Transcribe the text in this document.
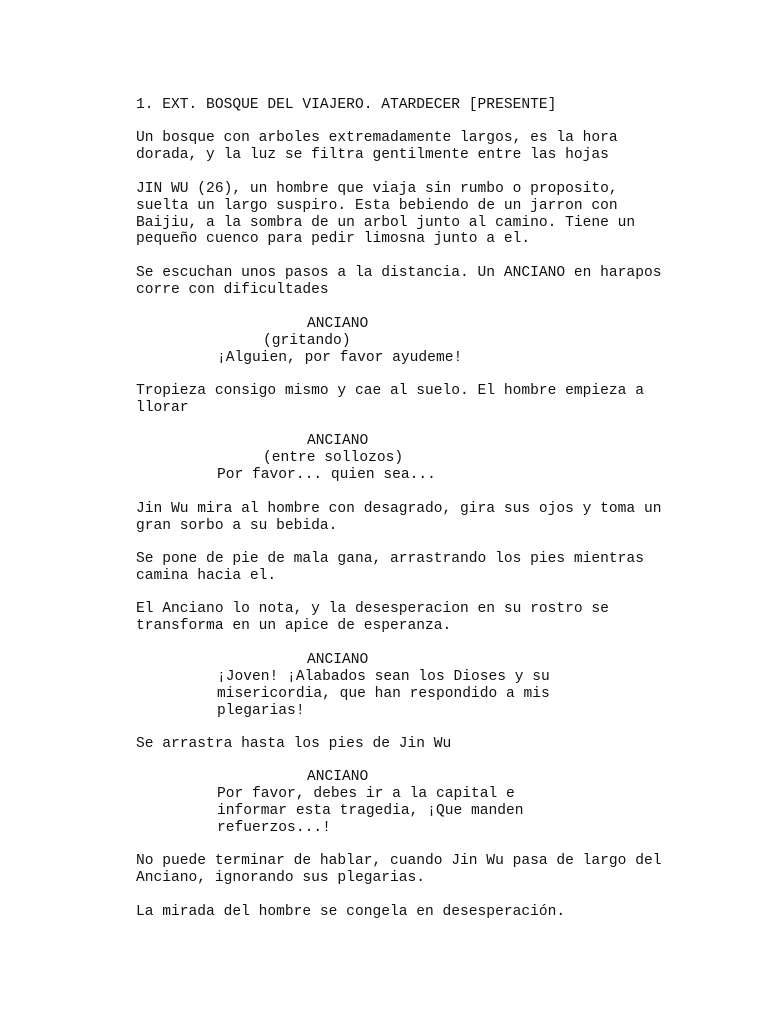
1. EXT. BOSQUE DEL VIAJERO. ATARDECER [PRESENTE]

Un bosque con arboles extremadamente largos, es la hora
dorada, y la luz se filtra gentilmente entre las hojas

JIN WU (26), un hombre que viaja sin rumbo o proposito,
suelta un largo suspiro. Esta bebiendo de un jarron con
Baijiu, a la sombra de un arbol junto al camino. Tiene un
pequeño cuenco para pedir limosna junto a el.

Se escuchan unos pasos a la distancia. Un ANCIANO en harapos
corre con dificultades

ANCIANO

(gritando)

¡Alguien, por favor ayudeme!

Tropieza consigo mismo y cae al suelo. El hombre empieza a
llorar

ANCIANO

(entre sollozos)

Por favor... quien sea...

Jin Wu mira al hombre con desagrado, gira sus ojos y toma un
gran sorbo a su bebida.

Se pone de pie de mala gana, arrastrando los pies mientras
camina hacia el.

El Anciano lo nota, y la desesperacion en su rostro se
transforma en un apice de esperanza.

ANCIANO

¡Joven! ¡Alabados sean los Dioses y su
misericordia, que han respondido a mis
plegarias!

Se arrastra hasta los pies de Jin Wu

ANCIANO

Por favor, debes ir a la capital e
informar esta tragedia, ¡Que manden
refuerzos...!

No puede terminar de hablar, cuando Jin Wu pasa de largo del
Anciano, ignorando sus plegarias.

La mirada del hombre se congela en desesperación.
